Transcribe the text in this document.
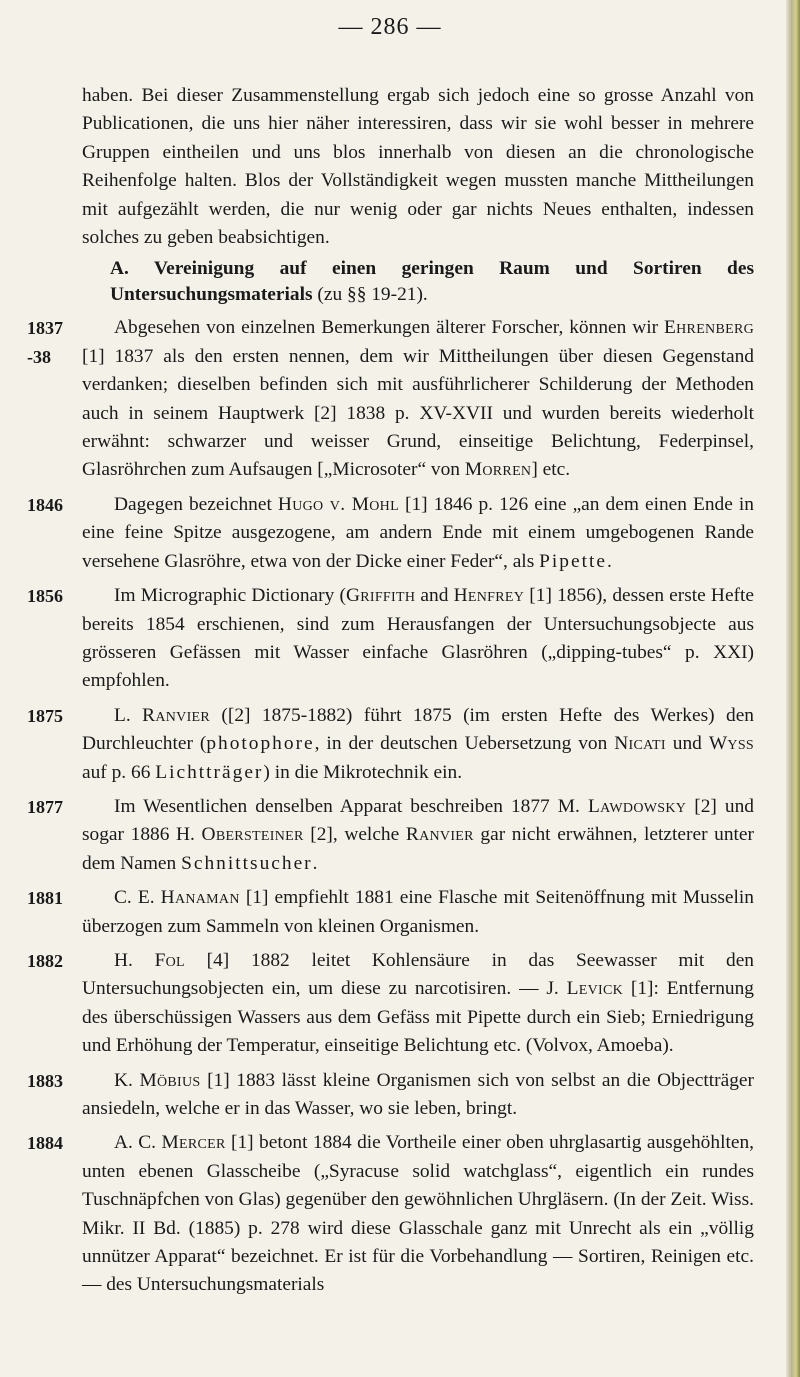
— 286 —

haben. Bei dieser Zusammenstellung ergab sich jedoch eine so grosse Anzahl von Publicationen, die uns hier näher interessiren, dass wir sie wohl besser in mehrere Gruppen eintheilen und uns blos innerhalb von diesen an die chronologische Reihenfolge halten. Blos der Vollständigkeit wegen mussten manche Mittheilungen mit aufgezählt werden, die nur wenig oder gar nichts Neues enthalten, indessen solches zu geben beabsichtigen.

A. Vereinigung auf einen geringen Raum und Sortiren des Untersuchungsmaterials (zu §§ 19-21).
1837 -38

Abgesehen von einzelnen Bemerkungen älterer Forscher, können wir Ehrenberg [1] 1837 als den ersten nennen, dem wir Mittheilungen über diesen Gegenstand verdanken; dieselben befinden sich mit ausführlicherer Schilderung der Methoden auch in seinem Hauptwerk [2] 1838 p. XV-XVII und wurden bereits wiederholt erwähnt: schwarzer und weisser Grund, einseitige Belichtung, Federpinsel, Glasröhrchen zum Aufsaugen [„Microsoter“ von Morren] etc.

1846	Dagegen bezeichnet Hugo v. Mohl [1] 1846 p. 126 eine „an dem einen Ende in eine feine Spitze ausgezogene, am andern Ende mit einem umgebogenen Rande versehene Glasröhre, etwa von der Dicke einer Feder“, als Pipette.

1856	Im Micrographic Dictionary (Griffith and Henfrey [1] 1856), dessen erste Hefte bereits 1854 erschienen, sind zum Herausfangen der Untersuchungsobjecte aus grösseren Gefässen mit Wasser einfache Glasröhren („dipping-tubes“ p. XXI) empfohlen.

1875	L. Ranvier ([2] 1875-1882) führt 1875 (im ersten Hefte des Werkes) den Durchleuchter (photophore, in der deutschen Uebersetzung von Nicati und Wyss auf p. 66 Lichtträger) in die Mikrotechnik ein.

1877	Im Wesentlichen denselben Apparat beschreiben 1877 M. Lawdowsky [2] und sogar 1886 H. Obersteiner [2], welche Ranvier gar nicht erwähnen, letzterer unter dem Namen Schnittsucher.

1881	C. E. Hanaman [1] empfiehlt 1881 eine Flasche mit Seitenöffnung mit Musselin überzogen zum Sammeln von kleinen Organismen.

1882	H. Fol [4] 1882 leitet Kohlensäure in das Seewasser mit den Untersuchungsobjecten ein, um diese zu narcotisiren. — J. Levick [1]: Entfernung des überschüssigen Wassers aus dem Gefäss mit Pipette durch ein Sieb; Erniedrigung und Erhöhung der Temperatur, einseitige Belichtung etc. (Volvox, Amoeba).

1883	K. Möbius [1] 1883 lässt kleine Organismen sich von selbst an die Objectträger ansiedeln, welche er in das Wasser, wo sie leben, bringt.

1884	A. C. Mercer [1] betont 1884 die Vortheile einer oben uhrglasartig ausgehöhlten, unten ebenen Glasscheibe („Syracuse solid watchglass“, eigentlich ein rundes Tuschnäpfchen von Glas) gegenüber den gewöhnlichen Uhrgläsern. (In der Zeit. Wiss. Mikr. II Bd. (1885) p. 278 wird diese Glasschale ganz mit Unrecht als ein „völlig unnützer Apparat“ bezeichnet. Er ist für die Vorbehandlung — Sortiren, Reinigen etc. — des Untersuchungsmaterials
